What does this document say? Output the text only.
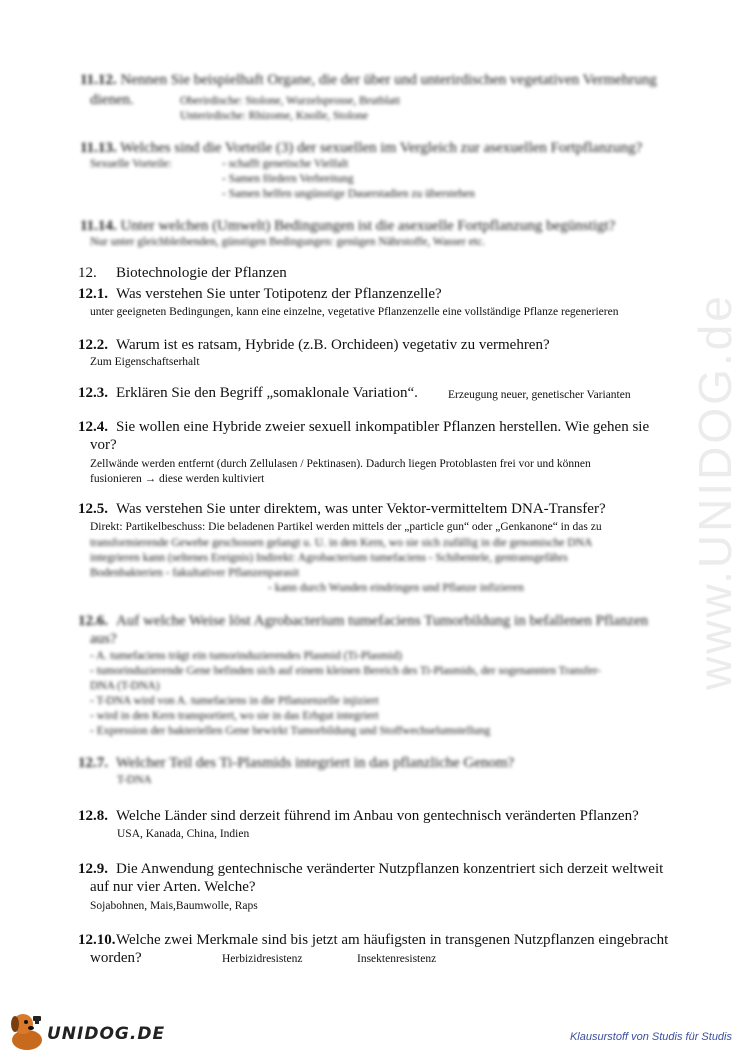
www.UNIDOG.de
11.12. Nennen Sie beispielhaft Organe, die der über und unterirdischen vegetativen Vermehrung
dienen.	Oberirdische: Stolone, Wurzelsprosse, Brutblatt
Unterirdische: Rhizome, Knolle, Stolone
11.13. Welches sind die Vorteile (3) der sexuellen im Vergleich zur asexuellen Fortpflanzung?
Sexuelle Vorteile:	- schafft genetische Vielfalt
- Samen fördern Verbreitung
- Samen helfen ungünstige Dauerstadien zu überstehen
11.14. Unter welchen (Umwelt) Bedingungen ist die asexuelle Fortpflanzung begünstigt?
Nur unter gleichbleibenden, günstigen Bedingungen: genügen Nährstoffe, Wasser etc.
12. Biotechnologie der Pflanzen
12.1. Was verstehen Sie unter Totipotenz der Pflanzenzelle?
unter geeigneten Bedingungen, kann eine einzelne, vegetative Pflanzenzelle eine vollständige Pflanze regenerieren
12.2. Warum ist es ratsam, Hybride (z.B. Orchideen) vegetativ zu vermehren?
Zum Eigenschaftserhalt
12.3. Erklären Sie den Begriff „somaklonale Variation“.	Erzeugung neuer, genetischer Varianten
12.4. Sie wollen eine Hybride zweier sexuell inkompatibler Pflanzen herstellen. Wie gehen sie
vor?
Zellwände werden entfernt (durch Zellulasen / Pektinasen). Dadurch liegen Protoblasten frei vor und können
fusionieren → diese werden kultiviert
12.5. Was verstehen Sie unter direktem, was unter Vektor-vermitteltem DNA-Transfer?
Direkt: Partikelbeschuss: Die beladenen Partikel werden mittels der „particle gun“ oder „Genkanone“ in das zu
transformierende Gewebe geschossen gelangt u. U. in den Kern, wo sie sich zufällig in die genomische DNA
integrieren kann (seltenes Ereignis) Indirekt: Agrobacterium tumefaciens - Schibentele, gentransgefährs
Bodenbakterien - fakultativer Pflanzenparasit
- kann durch Wunden eindringen und Pflanze infizieren
12.6. Auf welche Weise löst Agrobacterium tumefaciens Tumorbildung in befallenen Pflanzen
aus?
- A. tumefaciens trägt ein tumorinduzierendes Plasmid (Ti-Plasmid)
- tumorinduzierende Gene befinden sich auf einem kleinen Bereich des Ti-Plasmids, der sogenannten Transfer-
DNA (T-DNA)
- T-DNA wird von A. tumefaciens in die Pflanzenzelle injiziert
- wird in den Kern transportiert, wo sie in das Erbgut integriert
- Expression der bakteriellen Gene bewirkt Tumorbildung und Stoffwechselumstellung
12.7. Welcher Teil des Ti-Plasmids integriert in das pflanzliche Genom?
T-DNA
12.8. Welche Länder sind derzeit führend im Anbau von gentechnisch veränderten Pflanzen?
USA, Kanada, China, Indien
12.9. Die Anwendung gentechnische veränderter Nutzpflanzen konzentriert sich derzeit weltweit
auf nur vier Arten. Welche?
Sojabohnen, Mais,Baumwolle, Raps
12.10.Welche zwei Merkmale sind bis jetzt am häufigsten in transgenen Nutzpflanzen eingebracht
worden?	Herbizidresistenz	Insektenresistenz
UNIDOG.DE	Klausurstoff von Studis für Studis
